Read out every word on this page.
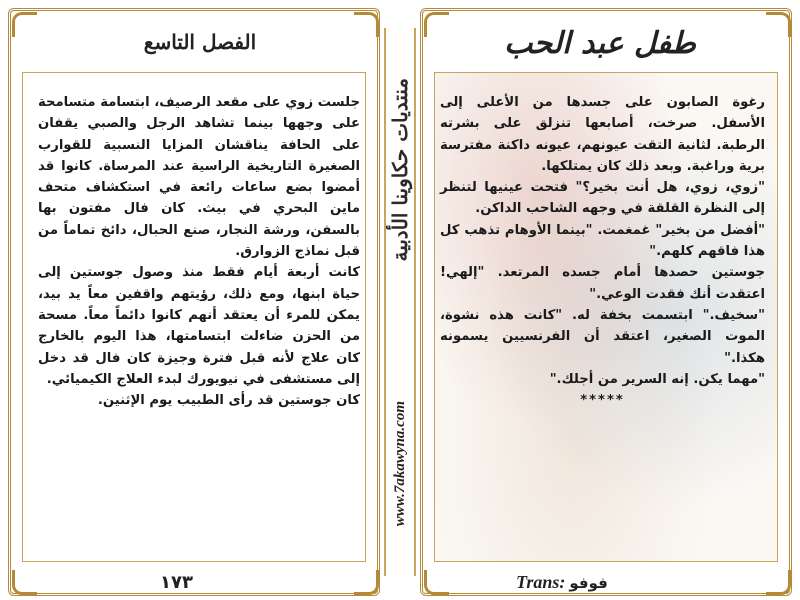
منتديات حكاوينا الأدبية
www.7akawyna.com
الفصل التاسع	طفل عبد الحب

جلست زوي على مقعد الرصيف، ابتسامة متسامحة على وجهها بينما تشاهد الرجل والصبي يقفان على الحافة يناقشان المزايا النسبية للقوارب الصغيرة التاريخية الراسية عند المرساة. كانوا قد أمضوا بضع ساعات رائعة في استكشاف متحف ماين البحري في بيث. كان فال مفتون بها بالسفن، ورشة النجار، صنع الحبال، دائخ تماماً من قبل نماذج الزوارق.

كانت أربعة أيام فقط منذ وصول جوستين إلى حياة ابنها، ومع ذلك، رؤيتهم واقفين معاً يد بيد، يمكن للمرء أن يعتقد أنهم كانوا دائماً معاً. مسحة من الحزن ضاءلت ابتسامتها، هذا اليوم بالخارج كان علاج لأنه قبل فترة وجيزة كان فال قد دخل إلى مستشفى في نيويورك لبدء العلاج الكيميائي.

كان جوستين قد رأى الطبيب يوم الإثنين.

رغوة الصابون على جسدها من الأعلى إلى الأسفل. صرخت، أصابعها تنزلق على بشرته الرطبة. لثانية التقت عيونهم، عيونه داكنة مفترسة برية وراغبة. وبعد ذلك كان يمتلكها.

"زوي، زوي، هل أنت بخير؟" فتحت عينيها لتنظر إلى النظرة القلقة في وجهه الشاحب الداكن.

"أفضل من بخير" غمغمت. "بينما الأوهام تذهب كل هذا فاقهم كلهم."

جوستين حصدها أمام جسده المرتعد. "إلهي! اعتقدت أنك فقدت الوعي."

"سخيف." ابتسمت بخفة له. "كانت هذه نشوة، الموت الصغير، اعتقد أن الفرنسيين يسمونه هكذا."

"مهما يكن. إنه السرير من أجلك."

*****

١٧٣	Trans: فوفو
